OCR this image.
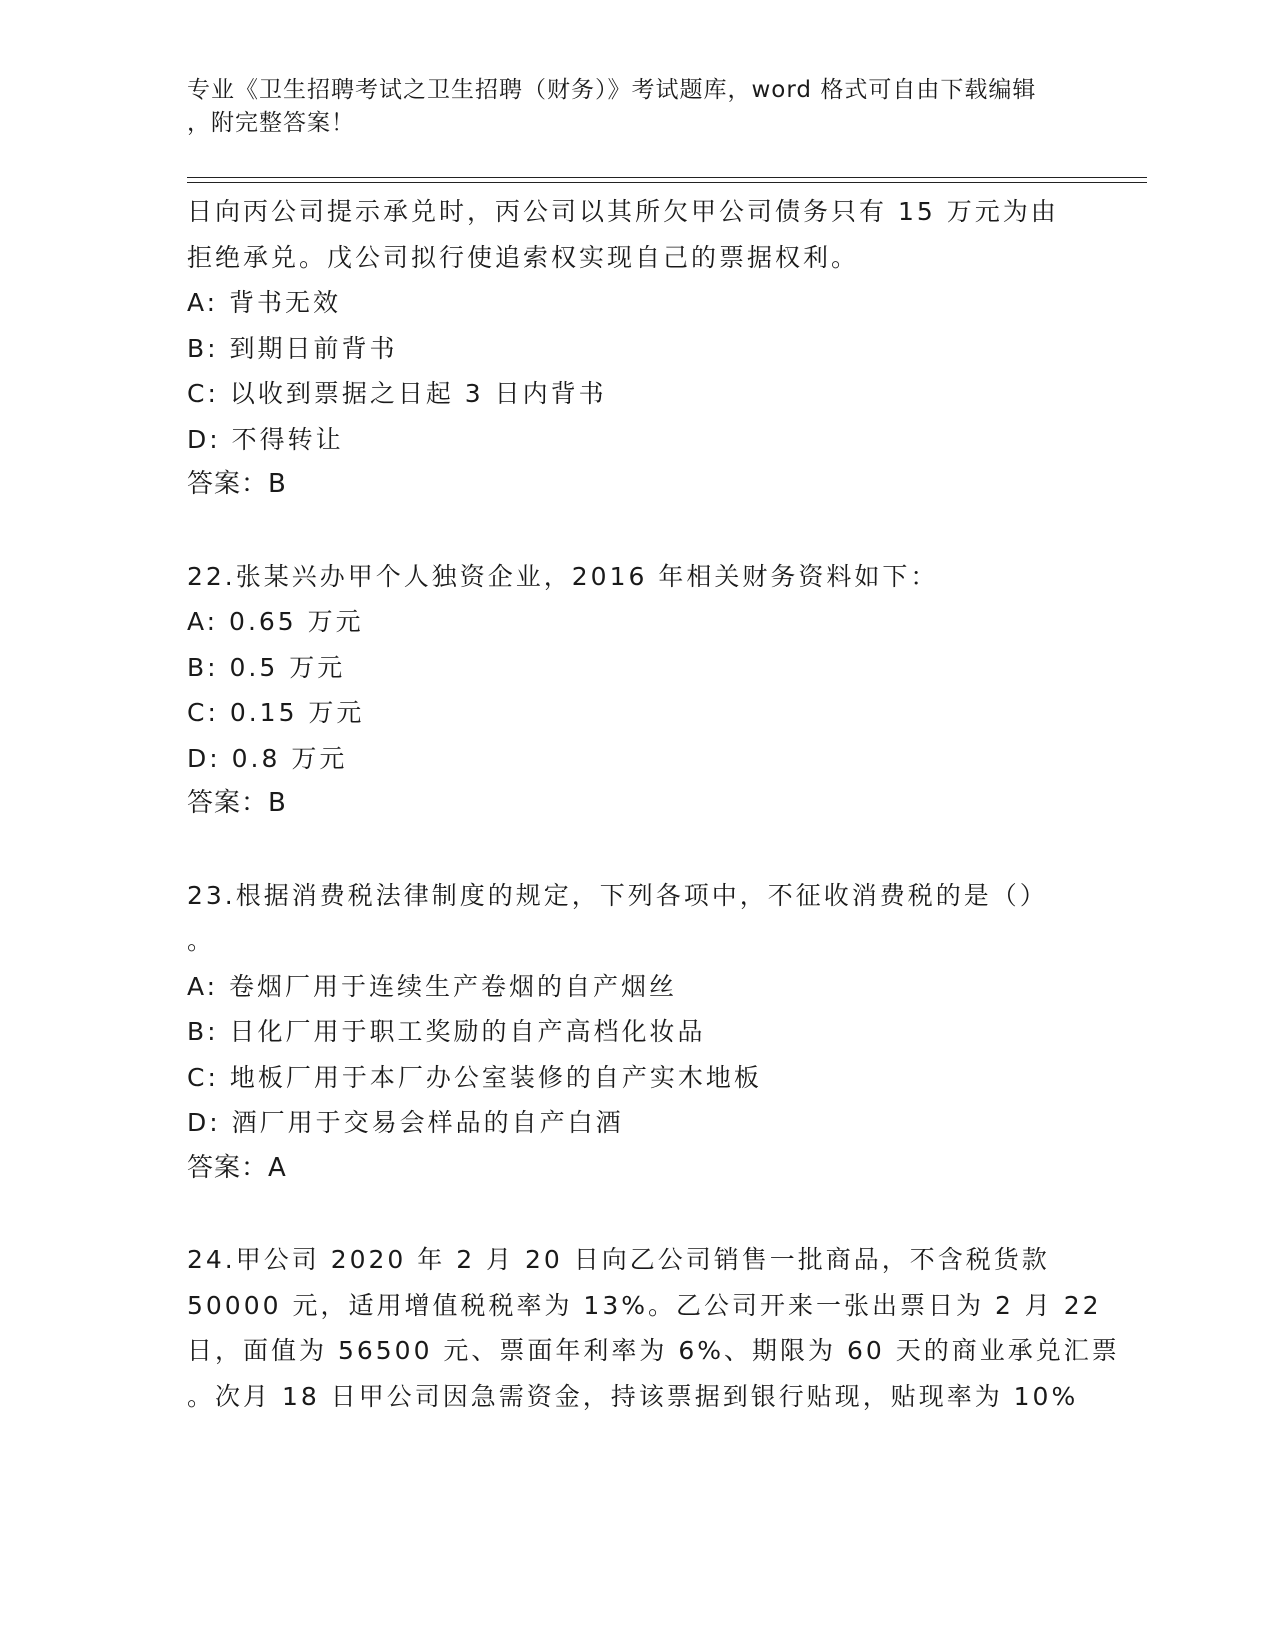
专业《卫生招聘考试之卫生招聘（财务）》考试题库，word 格式可自由下载编辑
，附完整答案！
日向丙公司提示承兑时，丙公司以其所欠甲公司债务只有 15 万元为由
拒绝承兑。戊公司拟行使追索权实现自己的票据权利。
A: 背书无效
B: 到期日前背书
C: 以收到票据之日起 3 日内背书
D: 不得转让
答案：B
22.张某兴办甲个人独资企业，2016 年相关财务资料如下：
A: 0.65 万元
B: 0.5 万元
C: 0.15 万元
D: 0.8 万元
答案：B
23.根据消费税法律制度的规定，下列各项中，不征收消费税的是（）
。
A: 卷烟厂用于连续生产卷烟的自产烟丝
B: 日化厂用于职工奖励的自产高档化妆品
C: 地板厂用于本厂办公室装修的自产实木地板
D: 酒厂用于交易会样品的自产白酒
答案：A
24.甲公司 2020 年 2 月 20 日向乙公司销售一批商品，不含税货款
50000 元，适用增值税税率为 13%。乙公司开来一张出票日为 2 月 22
日，面值为 56500 元、票面年利率为 6%、期限为 60 天的商业承兑汇票
。次月 18 日甲公司因急需资金，持该票据到银行贴现，贴现率为 10%
